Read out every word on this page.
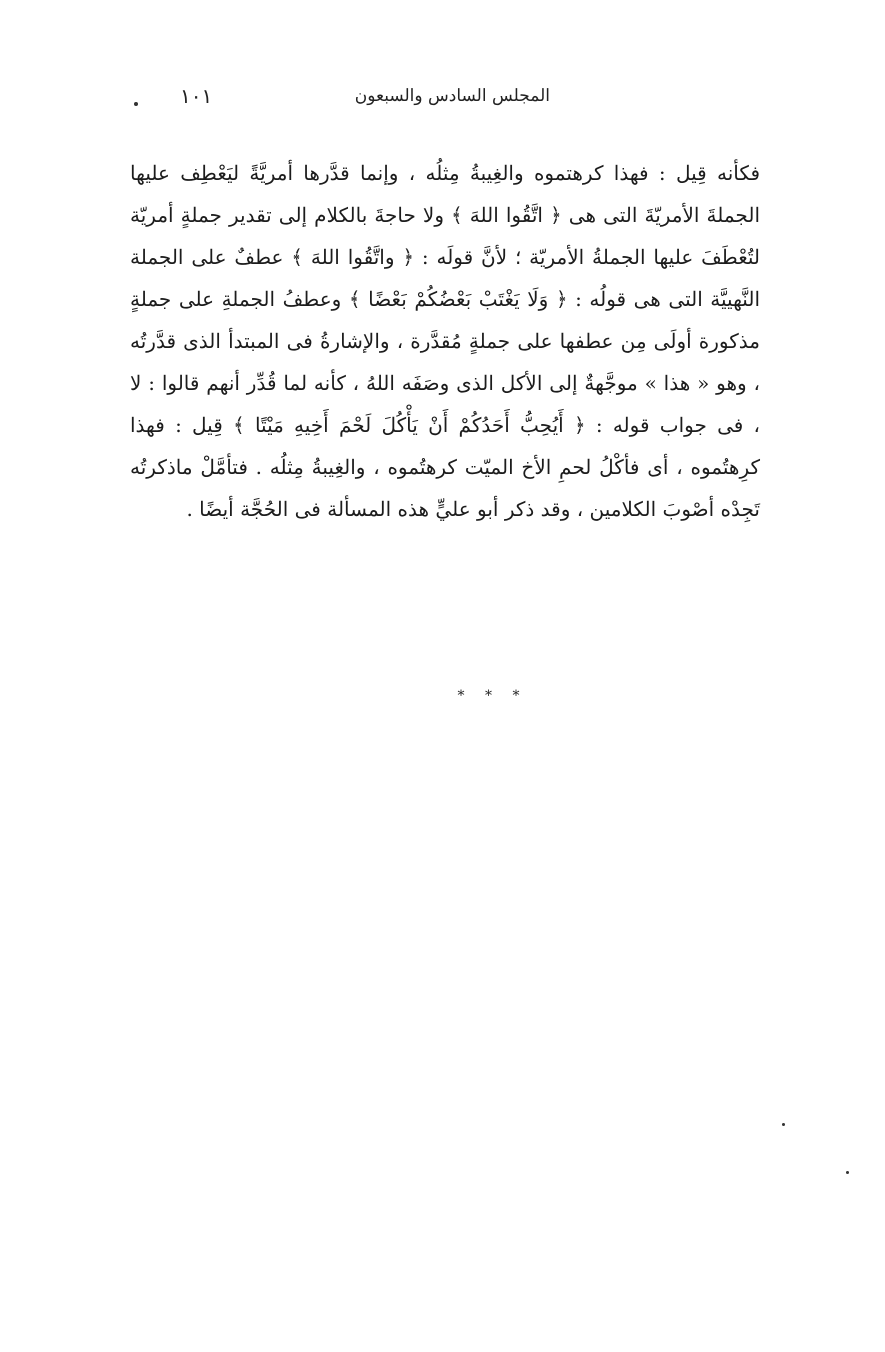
المجلس السادس والسبعون
١٠١

فكأنه قِيل : فهذا كرهتموه والغِيبةُ مِثلُه ، وإنما قدَّرها أمريَّةً ليَعْطِف عليها الجملةَ الأمريّةَ التى هى ﴿ اتَّقُوا اللهَ ﴾ ولا حاجةَ بالكلام إلى تقدير جملةٍ أمريّة لتُعْطَفَ عليها الجملةُ الأمريّة ؛ لأنَّ قولَه : ﴿ واتَّقُوا اللهَ ﴾ عطفٌ على الجملة النَّهييَّة التى هى قولُه : ﴿ وَلَا يَغْتَبْ بَعْضُكُمْ بَعْضًا ﴾ وعطفُ الجملةِ على جملةٍ مذكورة أولَى مِن عطفها على جملةٍ مُقدَّرة ، والإشارةُ فى المبتدأ الذى قدَّرتُه ، وهو « هذا » موجَّهةٌ إلى الأكل الذى وصَفَه اللهُ ، كأنه لما قُدِّر أنهم قالوا : لا ، فى جواب قوله : ﴿ أَيُحِبُّ أَحَدُكُمْ أَنْ يَأْكُلَ لَحْمَ أَخِيهِ مَيْتًا ﴾ قِيل : فهذا كرِهتُموه ، أى فأكْلُ لحمِ الأخ الميّت كرهتُموه ، والغِيبةُ مِثلُه . فتأمَّلْ ماذكرتُه تَجِدْه أصْوبَ الكلامين ، وقد ذكر أبو عليٍّ هذه المسألة فى الحُجَّة أيضًا .

* * *
